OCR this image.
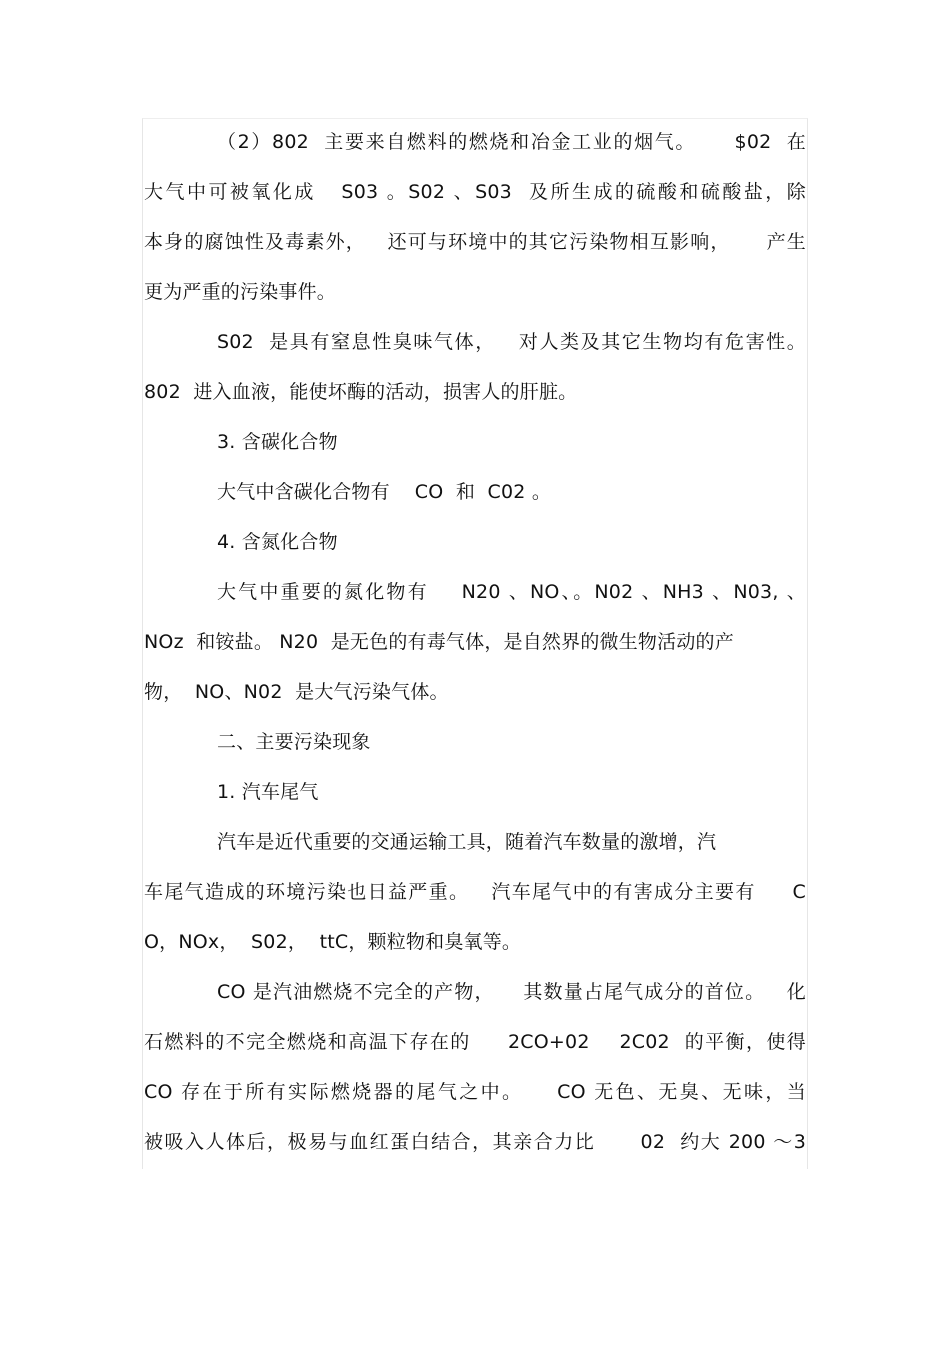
（2）802  主要来自燃料的燃烧和冶金工业的烟气。     $02  在
大气中可被氧化成   S03 。S02 、S03  及所生成的硫酸和硫酸盐，除
本身的腐蚀性及毒素外，   还可与环境中的其它污染物相互影响，     产生
更为严重的污染事件。
S02  是具有窒息性臭味气体，   对人类及其它生物均有危害性。
802  进入血液，能使坏酶的活动，损害人的肝脏。
3. 含碳化合物
大气中含碳化合物有    CO  和  C02 。
4. 含氮化合物
大气中重要的氮化物有    N20 、NO、。N02 、NH3 、N03, 、
NOz  和铵盐。 N20  是无色的有毒气体，是自然界的微生物活动的产
物，  NO、N02  是大气污染气体。
二、主要污染现象
1. 汽车尾气
汽车是近代重要的交通运输工具，随着汽车数量的激增，汽
车尾气造成的环境污染也日益严重。   汽车尾气中的有害成分主要有     C
O，NOx，  S02，  ttC，颗粒物和臭氧等。
CO 是汽油燃烧不完全的产物，    其数量占尾气成分的首位。   化
石燃料的不完全燃烧和高温下存在的     2CO+02    2C02  的平衡，使得
CO 存在于所有实际燃烧器的尾气之中。    CO 无色、无臭、无味，当
被吸入人体后，极易与血红蛋白结合，其亲合力比      02  约大 200 ～3
